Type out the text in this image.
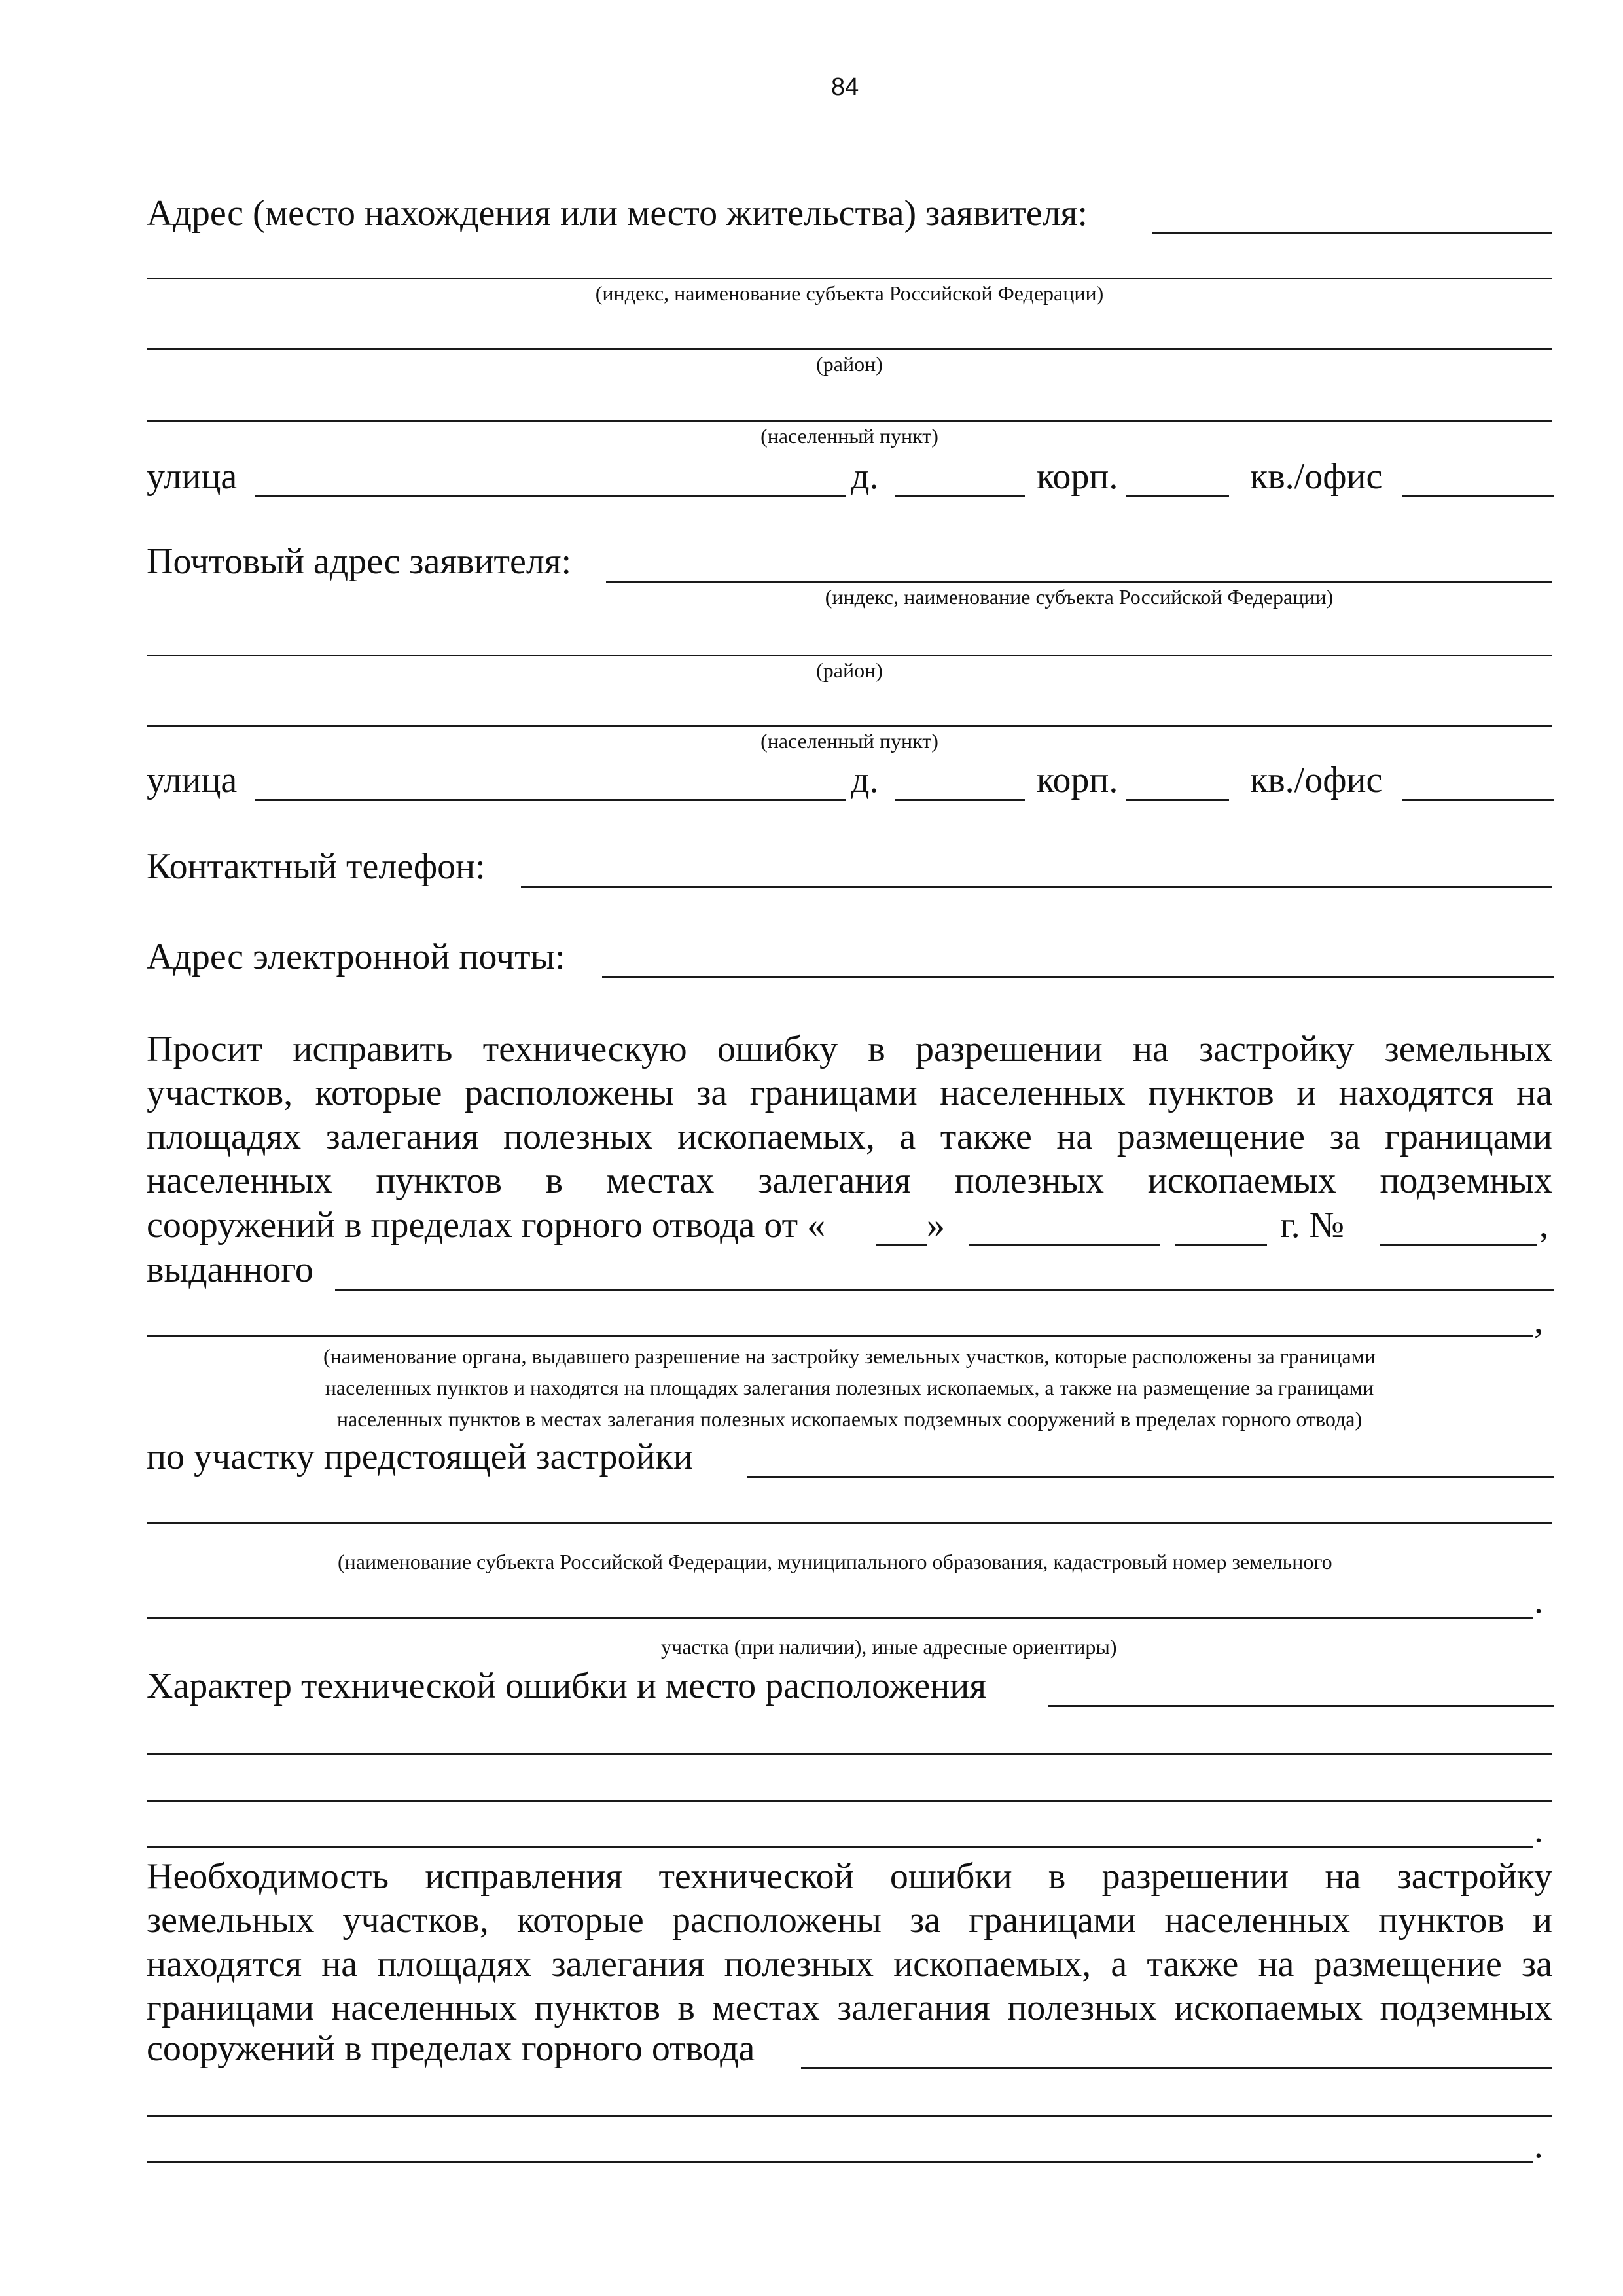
84
Адрес (место нахождения или место жительства) заявителя:
(индекс, наименование субъекта Российской Федерации)
(район)
(населенный пункт)
улица	д.	корп.	кв./офис
Почтовый адрес заявителя:
(индекс, наименование субъекта Российской Федерации)
(район)
(населенный пункт)
улица	д.	корп.	кв./офис
Контактный телефон:
Адрес электронной почты:
Просит исправить техническую ошибку в разрешении на застройку земельных
участков, которые расположены за границами населенных пунктов и находятся на
площадях залегания полезных ископаемых, а также на размещение за границами
населенных пунктов в местах залегания полезных ископаемых подземных
сооружений в пределах горного отвода от «	»	г. №	,
выданного
,
(наименование органа, выдавшего разрешение на застройку земельных участков, которые расположены за границами
населенных пунктов и находятся на площадях залегания полезных ископаемых, а также на размещение за границами
населенных пунктов в местах залегания полезных ископаемых подземных сооружений в пределах горного отвода)
по участку предстоящей застройки
(наименование субъекта Российской Федерации, муниципального образования, кадастровый номер земельного
.
участка (при наличии), иные адресные ориентиры)
Характер технической ошибки и место расположения
.
Необходимость исправления технической ошибки в разрешении на застройку
земельных участков, которые расположены за границами населенных пунктов и
находятся на площадях залегания полезных ископаемых, а также на размещение за
границами населенных пунктов в местах залегания полезных ископаемых подземных
сооружений в пределах горного отвода
.
